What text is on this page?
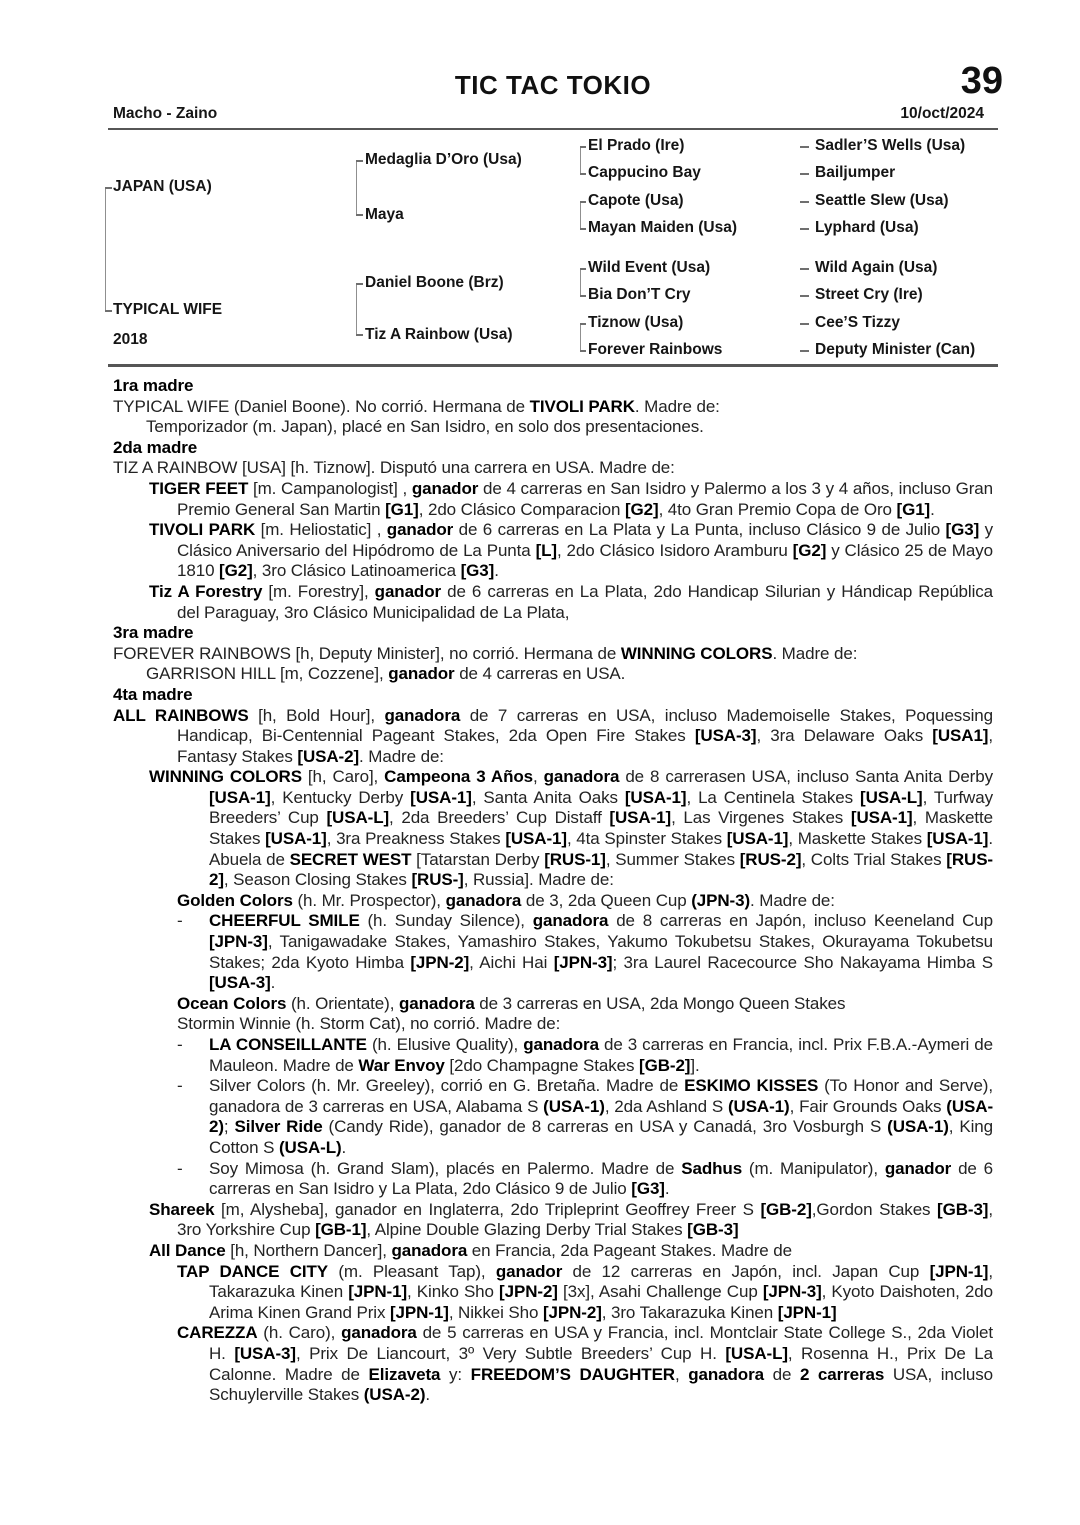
TIC TAC TOKIO	39
Macho - Zaino	10/oct/2024
JAPAN (USA)
TYPICAL WIFE
2018
Medaglia D’Oro (Usa)
Maya
Daniel Boone (Brz)
Tiz A Rainbow (Usa)
El Prado (Ire)
Cappucino Bay
Capote (Usa)
Mayan Maiden (Usa)
Wild Event (Usa)
Bia Don’T Cry
Tiznow (Usa)
Forever Rainbows
Sadler’S Wells (Usa)
Bailjumper
Seattle Slew (Usa)
Lyphard (Usa)
Wild Again (Usa)
Street Cry (Ire)
Cee’S Tizzy
Deputy Minister (Can)

1ra madre

TYPICAL WIFE (Daniel Boone). No corrió. Hermana de TIVOLI PARK. Madre de:

Temporizador (m. Japan), placé en San Isidro, en solo dos presentaciones.

2da madre

TIZ A RAINBOW [USA] [h. Tiznow]. Disputó una carrera en USA. Madre de:

TIGER FEET [m. Campanologist] , ganador de 4 carreras en San Isidro y Palermo a los 3 y 4 años, incluso Gran Premio General San Martin [G1], 2do Clásico Comparacion [G2], 4to Gran Premio Copa de Oro [G1].

TIVOLI PARK [m. Heliostatic] , ganador de 6 carreras en La Plata y La Punta, incluso Clásico 9 de Julio [G3] y Clásico Aniversario del Hipódromo de La Punta [L], 2do Clásico Isidoro Aramburu [G2] y Clásico 25 de Mayo 1810 [G2], 3ro Clásico Latinoamerica [G3].

Tiz A Forestry [m. Forestry], ganador de 6 carreras en La Plata, 2do Handicap Silurian y Hándicap República del Paraguay, 3ro Clásico Municipalidad de La Plata,

3ra madre

FOREVER RAINBOWS [h, Deputy Minister], no corrió. Hermana de WINNING COLORS. Madre de:

GARRISON HILL [m, Cozzene], ganador de 4 carreras en USA.

4ta madre

ALL RAINBOWS [h, Bold Hour], ganadora de 7 carreras en USA, incluso Mademoiselle Stakes, Poquessing Handicap, Bi-Centennial Pageant Stakes, 2da Open Fire Stakes [USA-3], 3ra Delaware Oaks [USA1], Fantasy Stakes [USA-2]. Madre de:

WINNING COLORS [h, Caro], Campeona 3 Años, ganadora de 8 carrerasen USA, incluso Santa Anita Derby [USA-1], Kentucky Derby [USA-1], Santa Anita Oaks [USA-1], La Centinela Stakes [USA-L], Turfway Breeders’ Cup [USA-L], 2da Breeders’ Cup Distaff [USA-1], Las Virgenes Stakes [USA-1], Maskette Stakes [USA-1], 3ra Preakness Stakes [USA-1], 4ta Spinster Stakes [USA-1], Maskette Stakes [USA-1]. Abuela de SECRET WEST [Tatarstan Derby [RUS-1], Summer Stakes [RUS-2], Colts Trial Stakes [RUS-2], Season Closing Stakes [RUS-], Russia]. Madre de:

Golden Colors (h. Mr. Prospector), ganadora de 3, 2da Queen Cup (JPN-3). Madre de:

- CHEERFUL SMILE (h. Sunday Silence), ganadora de 8 carreras en Japón, incluso Keeneland Cup [JPN-3], Tanigawadake Stakes, Yamashiro Stakes, Yakumo Tokubetsu Stakes, Okurayama Tokubetsu Stakes; 2da Kyoto Himba [JPN-2], Aichi Hai [JPN-3]; 3ra Laurel Racecource Sho Nakayama Himba S [USA-3].

Ocean Colors (h. Orientate), ganadora de 3 carreras en USA, 2da Mongo Queen Stakes

Stormin Winnie (h. Storm Cat), no corrió. Madre de:

- LA CONSEILLANTE (h. Elusive Quality), ganadora de 3 carreras en Francia, incl. Prix F.B.A.-Aymeri de Mauleon. Madre de War Envoy [2do Champagne Stakes [GB-2]].

- Silver Colors (h. Mr. Greeley), corrió en G. Bretaña. Madre de ESKIMO KISSES (To Honor and Serve), ganadora de 3 carreras en USA, Alabama S (USA-1), 2da Ashland S (USA-1), Fair Grounds Oaks (USA-2); Silver Ride (Candy Ride), ganador de 8 carreras en USA y Canadá, 3ro Vosburgh S (USA-1), King Cotton S (USA-L).

- Soy Mimosa (h. Grand Slam), placés en Palermo. Madre de Sadhus (m. Manipulator), ganador de 6 carreras en San Isidro y La Plata, 2do Clásico 9 de Julio [G3].

Shareek [m, Alysheba], ganador en Inglaterra, 2do Tripleprint Geoffrey Freer S [GB-2],Gordon Stakes [GB-3], 3ro Yorkshire Cup [GB-1], Alpine Double Glazing Derby Trial Stakes [GB-3]

All Dance [h, Northern Dancer], ganadora en Francia, 2da Pageant Stakes. Madre de

TAP DANCE CITY (m. Pleasant Tap), ganador de 12 carreras en Japón, incl. Japan Cup [JPN-1], Takarazuka Kinen [JPN-1], Kinko Sho [JPN-2] [3x], Asahi Challenge Cup [JPN-3], Kyoto Daishoten, 2do Arima Kinen Grand Prix [JPN-1], Nikkei Sho [JPN-2], 3ro Takarazuka Kinen [JPN-1]

CAREZZA (h. Caro), ganadora de 5 carreras en USA y Francia, incl. Montclair State College S., 2da Violet H. [USA-3], Prix De Liancourt, 3º Very Subtle Breeders’ Cup H. [USA-L], Rosenna H., Prix De La Calonne. Madre de Elizaveta y: FREEDOM’S DAUGHTER, ganadora de 2 carreras USA, incluso Schuylerville Stakes (USA-2).
